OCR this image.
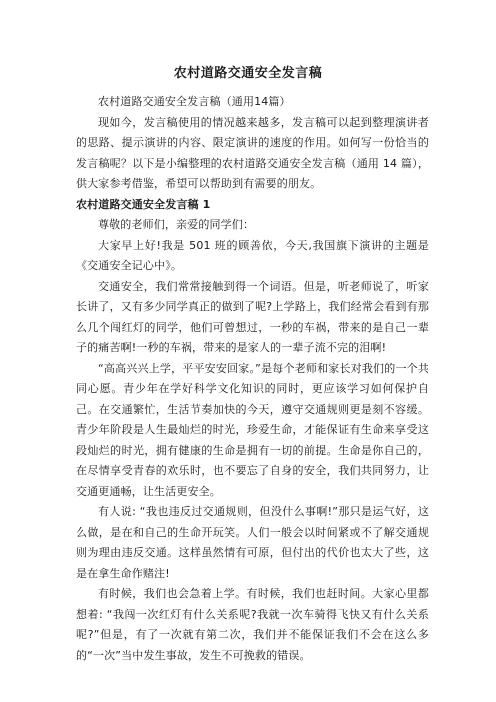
农村道路交通安全发言稿

农村道路交通安全发言稿（通用14篇）

现如今，发言稿使用的情况越来越多，发言稿可以起到整理演讲者的思路、提示演讲的内容、限定演讲的速度的作用。如何写一份恰当的发言稿呢？以下是小编整理的农村道路交通安全发言稿（通用 14 篇），供大家参考借鉴，希望可以帮助到有需要的朋友。

农村道路交通安全发言稿 1

尊敬的老师们，亲爱的同学们：

大家早上好!我是 501 班的顾善依，今天,我国旗下演讲的主题是《交通安全记心中》。

交通安全，我们常常接触到得一个词语。但是，听老师说了，听家长讲了，又有多少同学真正的做到了呢?上学路上，我们经常会看到有那么几个闯红灯的同学，他们可曾想过，一秒的车祸，带来的是自己一辈子的痛苦啊!一秒的车祸，带来的是家人的一辈子流不完的泪啊!

“高高兴兴上学，平平安安回家。”是每个老师和家长对我们的一个共同心愿。青少年在学好科学文化知识的同时，更应该学习如何保护自己。在交通繁忙，生活节奏加快的今天，遵守交通规则更是刻不容缓。青少年阶段是人生最灿烂的时光，珍爱生命，才能保证有生命来享受这段灿烂的时光，拥有健康的生命是拥有一切的前提。生命是你自己的，在尽情享受青春的欢乐时，也不要忘了自身的安全，我们共同努力，让交通更通畅，让生活更安全。

有人说: “我也违反过交通规则，但没什么事啊!”那只是运气好，这么做，是在和自己的生命开玩笑。人们一般会以时间紧或不了解交通规则为理由违反交通。这样虽然情有可原，但付出的代价也太大了些，这是在拿生命作赌注!

有时候，我们也会急着上学。有时候，我们也赶时间。大家心里都想着: “我闯一次红灯有什么关系呢?我就一次车骑得飞快又有什么关系呢?”但是，有了一次就有第二次，我们并不能保证我们不会在这么多的“一次”当中发生事故，发生不可挽救的错误。
